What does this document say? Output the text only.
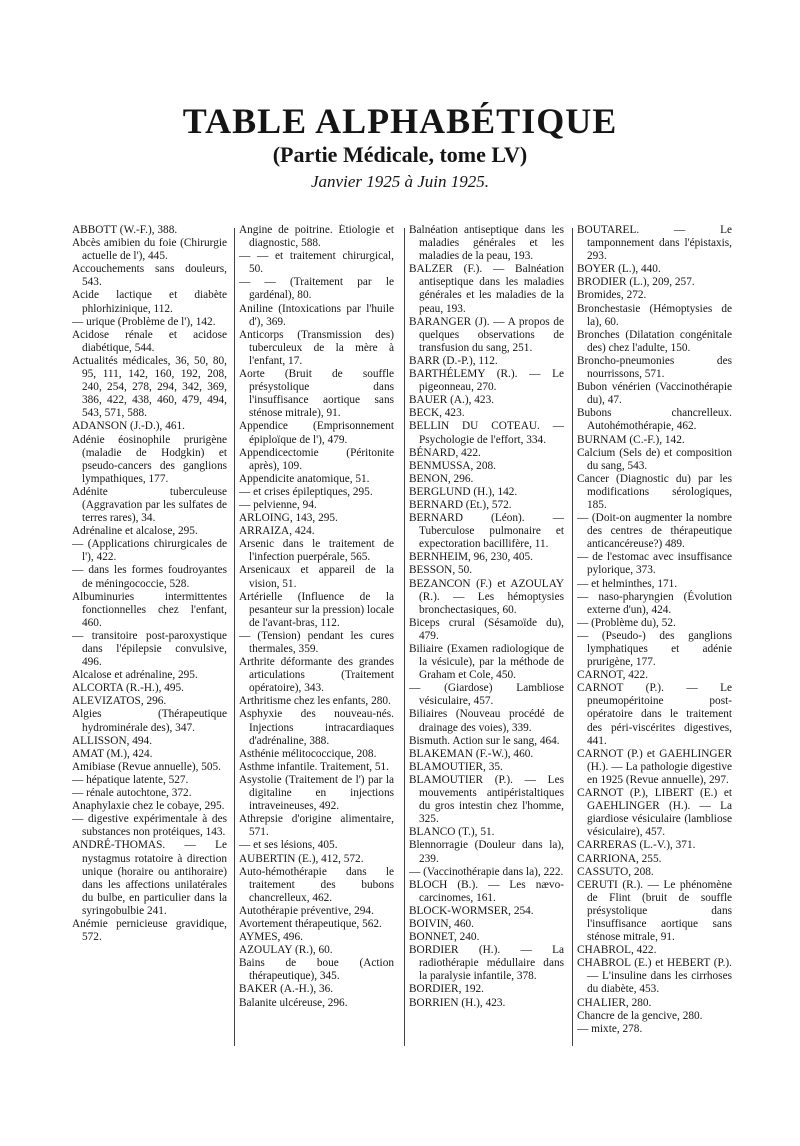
TABLE ALPHABÉTIQUE
(Partie Médicale, tome LV)
Janvier 1925 à Juin 1925.

ABBOTT (W.-F.), 388.

Abcès amibien du foie (Chirurgie actuelle de l'), 445.

Accouchements sans douleurs, 543.

Acide lactique et diabète phlorhizinique, 112.

— urique (Problème de l'), 142.

Acidose rénale et acidose diabétique, 544.

Actualités médicales, 36, 50, 80, 95, 111, 142, 160, 192, 208, 240, 254, 278, 294, 342, 369, 386, 422, 438, 460, 479, 494, 543, 571, 588.

ADANSON (J.-D.), 461.

Adénie éosinophile prurigène (maladie de Hodgkin) et pseudo-cancers des ganglions lympathiques, 177.

Adénite tuberculeuse (Aggravation par les sulfates de terres rares), 34.

Adrénaline et alcalose, 295.

— (Applications chirurgicales de l'), 422.

— dans les formes foudroyantes de méningococcie, 528.

Albuminuries intermittentes fonctionnelles chez l'enfant, 460.

— transitoire post-paroxystique dans l'épilepsie convulsive, 496.

Alcalose et adrénaline, 295.

ALCORTA (R.-H.), 495.

ALEVIZATOS, 296.

Algies (Thérapeutique hydrominérale des), 347.

ALLISSON, 494.

AMAT (M.), 424.

Amibiase (Revue annuelle), 505.

— hépatique latente, 527.

— rénale autochtone, 372.

Anaphylaxie chez le cobaye, 295.

— digestive expérimentale à des substances non protéiques, 143.

ANDRÉ-THOMAS. — Le nystagmus rotatoire à direction unique (horaire ou antihoraire) dans les affections unilatérales du bulbe, en particulier dans la syringobulbie 241.

Anémie pernicieuse gravidique, 572.

Angine de poitrine. Étiologie et diagnostic, 588.

— — et traitement chirurgical, 50.

— — (Traitement par le gardénal), 80.

Aniline (Intoxications par l'huile d'), 369.

Anticorps (Transmission des) tuberculeux de la mère à l'enfant, 17.

Aorte (Bruit de souffle présystolique dans l'insuffisance aortique sans sténose mitrale), 91.

Appendice (Emprisonnement épiploïque de l'), 479.

Appendicectomie (Péritonite après), 109.

Appendicite anatomique, 51.

— et crises épileptiques, 295.

— pelvienne, 94.

ARLOING, 143, 295.

ARRAIZA, 424.

Arsenic dans le traitement de l'infection puerpérale, 565.

Arsenicaux et appareil de la vision, 51.

Artérielle (Influence de la pesanteur sur la pression) locale de l'avant-bras, 112.

— (Tension) pendant les cures thermales, 359.

Arthrite déformante des grandes articulations (Traitement opératoire), 343.

Arthritisme chez les enfants, 280.

Asphyxie des nouveau-nés. Injections intracardiaques d'adrénaline, 388.

Asthénie mélitococcique, 208.

Asthme infantile. Traitement, 51.

Asystolie (Traitement de l') par la digitaline en injections intraveineuses, 492.

Athrepsie d'origine alimentaire, 571.

— et ses lésions, 405.

AUBERTIN (E.), 412, 572.

Auto-hémothérapie dans le traitement des bubons chancrelleux, 462.

Autothérapie préventive, 294.

Avortement thérapeutique, 562.

AYMES, 496.

AZOULAY (R.), 60.

Bains de boue (Action thérapeutique), 345.

BAKER (A.-H.), 36.

Balanite ulcéreuse, 296.

Balnéation antiseptique dans les maladies générales et les maladies de la peau, 193.

BALZER (F.). — Balnéation antiseptique dans les maladies générales et les maladies de la peau, 193.

BARANGER (J). — A propos de quelques observations de transfusion du sang, 251.

BARR (D.-P.), 112.

BARTHÉLEMY (R.). — Le pigeonneau, 270.

BAUER (A.), 423.

BECK, 423.

BELLIN DU COTEAU. — Psychologie de l'effort, 334.

BÉNARD, 422.

BENMUSSA, 208.

BENON, 296.

BERGLUND (H.), 142.

BERNARD (Et.), 572.

BERNARD (Léon). — Tuberculose pulmonaire et expectoration bacillifère, 11.

BERNHEIM, 96, 230, 405.

BESSON, 50.

BEZANCON (F.) et AZOULAY (R.). — Les hémoptysies bronchectasiques, 60.

Biceps crural (Sésamoïde du), 479.

Biliaire (Examen radiologique de la vésicule), par la méthode de Graham et Cole, 450.

— (Giardose) Lambliose vésiculaire, 457.

Biliaires (Nouveau procédé de drainage des voies), 339.

Bismuth. Action sur le sang, 464.

BLAKEMAN (F.-W.), 460.

BLAMOUTIER, 35.

BLAMOUTIER (P.). — Les mouvements antipéristaltiques du gros intestin chez l'homme, 325.

BLANCO (T.), 51.

Blennorragie (Douleur dans la), 239.

— (Vaccinothérapie dans la), 222.

BLOCH (B.). — Les nævo-carcinomes, 161.

BLOCK-WORMSER, 254.

BOIVIN, 460.

BONNET, 240.

BORDIER (H.). — La radiothérapie médullaire dans la paralysie infantile, 378.

BORDIER, 192.

BORRIEN (H.), 423.

BOUTAREL. — Le tamponnement dans l'épistaxis, 293.

BOYER (L.), 440.

BRODIER (L.), 209, 257.

Bromides, 272.

Bronchestasie (Hémoptysies de la), 60.

Bronches (Dilatation congénitale des) chez l'adulte, 150.

Broncho-pneumonies des nourrissons, 571.

Bubon vénérien (Vaccinothérapie du), 47.

Bubons chancrelleux. Autohémothérapie, 462.

BURNAM (C.-F.), 142.

Calcium (Sels de) et composition du sang, 543.

Cancer (Diagnostic du) par les modifications sérologiques, 185.

— (Doit-on augmenter la nombre des centres de thérapeutique anticancéreuse?) 489.

— de l'estomac avec insuffisance pylorique, 373.

— et helminthes, 171.

— naso-pharyngien (Évolution externe d'un), 424.

— (Problème du), 52.

— (Pseudo-) des ganglions lymphatiques et adénie prurigène, 177.

CARNOT, 422.

CARNOT (P.). — Le pneumopéritoine post-opératoire dans le traitement des péri-viscérites digestives, 441.

CARNOT (P.) et GAEHLINGER (H.). — La pathologie digestive en 1925 (Revue annuelle), 297.

CARNOT (P.), LIBERT (E.) et GAEHLINGER (H.). — La giardiose vésiculaire (lambliose vésiculaire), 457.

CARRERAS (L.-V.), 371.

CARRIONA, 255.

CASSUTO, 208.

CERUTI (R.). — Le phénomène de Flint (bruit de souffle présystolique dans l'insuffisance aortique sans sténose mitrale, 91.

CHABROL, 422.

CHABROL (E.) et HEBERT (P.). — L'insuline dans les cirrhoses du diabète, 453.

CHALIER, 280.

Chancre de la gencive, 280.

— mixte, 278.
